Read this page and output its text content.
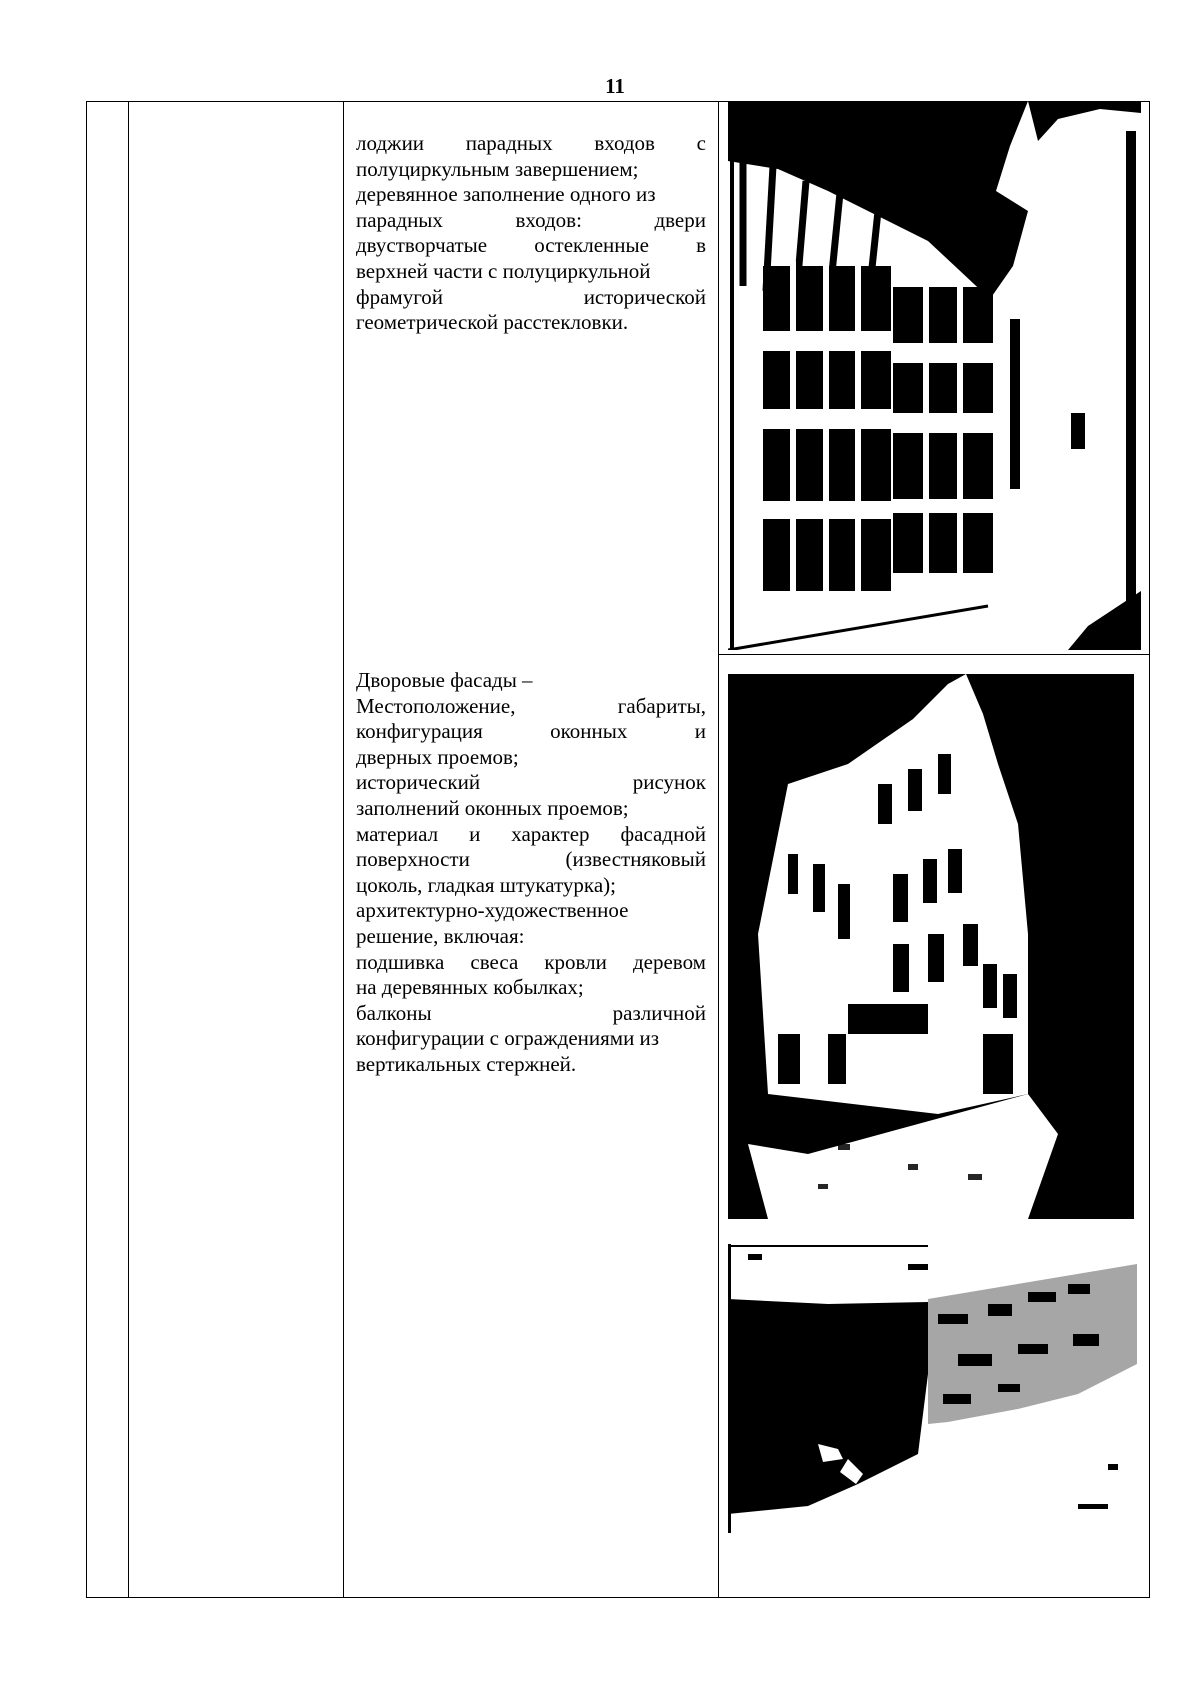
11
лоджии парадных входов с
полуциркульным завершением;
деревянное заполнение одного из
парадных	входов:	двери
двустворчатые остекленные в
верхней части с полуциркульной
фрамугой	исторической
геометрической расстекловки.
Дворовые фасады –
Местоположение,	габариты,
конфигурация	оконных	и
дверных проемов;
исторический	рисунок
заполнений оконных проемов;
материал и характер фасадной
поверхности	(известняковый
цоколь, гладкая штукатурка);
архитектурно-художественное
решение, включая:
подшивка свеса кровли деревом
на деревянных кобылках;
балконы	различной
конфигурации с ограждениями из
вертикальных стержней.
